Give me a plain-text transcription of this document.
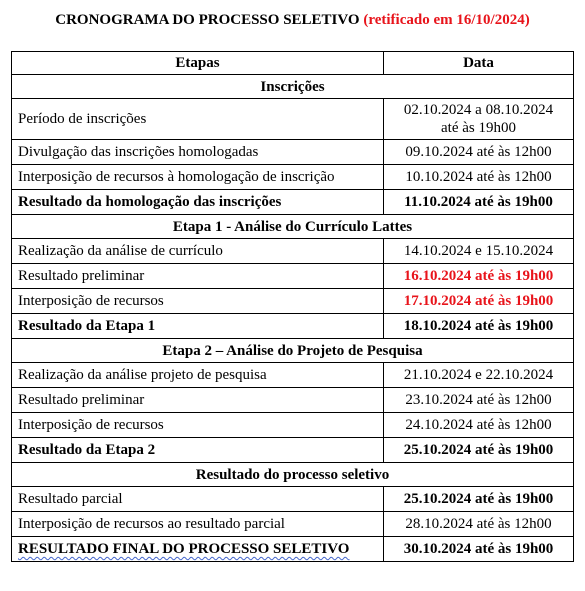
CRONOGRAMA DO PROCESSO SELETIVO (retificado em 16/10/2024)
Etapas	Data
Inscrições	
Período de inscrições	02.10.2024 a 08.10.2024
até às 19h00

Divulgação das inscrições homologadas	09.10.2024 até às 12h00

Interposição de recursos à homologação de inscrição	10.10.2024 até às 12h00

Resultado da homologação das inscrições	11.10.2024 até às 19h00

Etapa 1 - Análise do Currículo Lattes	
Realização da análise de currículo	14.10.2024 e 15.10.2024

Resultado preliminar	16.10.2024 até às 19h00

Interposição de recursos	17.10.2024 até às 19h00

Resultado da Etapa 1	18.10.2024 até às 19h00

Etapa 2 – Análise do Projeto de Pesquisa	
Realização da análise projeto de pesquisa	21.10.2024 e 22.10.2024

Resultado preliminar	23.10.2024 até às 12h00

Interposição de recursos	24.10.2024 até às 12h00

Resultado da Etapa 2	25.10.2024 até às 19h00

Resultado do processo seletivo	
Resultado parcial	25.10.2024 até às 19h00

Interposição de recursos ao resultado parcial	28.10.2024 até às 12h00

RESULTADO FINAL DO PROCESSO SELETIVO	30.10.2024 até às 19h00
